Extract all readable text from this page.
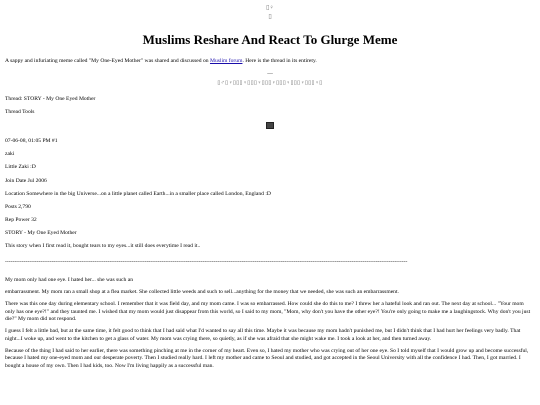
▯♀
▯
Muslims Reshare And React To Glurge Meme

A sappy and infuriating meme called "My One-Eyed Mother" was shared and discussed on Muslim forum. Here is the thread in its entirety.

—
▯♂▯♀▯▯▯♀▯▯▯♀▯▯▯♀▯▯▯♀▯▯▯♀▯▯▯♀▯

Thread: STORY - My One Eyed Mother

Thread Tools

07-06-08, 01:05 PM #1

zaki

Little Zaki :D

Join Date Jul 2006

Location Somewhere in the big Universe...on a little planet called Earth...in a smaller place called London, England :D

Posts 2,790

Rep Power 32

STORY - My One Eyed Mother

This story when I first read it, bought tears to my eyes...it still does everytime I read it..

------------------------------------------------------------------------------------------------------------------------------------------------------------------------------------------------------------------------

My mom only had one eye. I hated her... she was such an

embarrassment. My mom ran a small shop at a flea market. She collected little weeds and such to sell...anything for the money that we needed, she was such an embarrassment.

There was this one day during elementary school. I remember that it was field day, and my mom came. I was so embarrassed. How could she do this to me? I threw her a hateful look and ran out. The next day at school... "Your mom only has one eye?!" and they taunted me. I wished that my mom would just disappear from this world, so I said to my mom, "Mom, why don't you have the other eye?! You're only going to make me a laughingstock. Why don't you just die?" My mom did not respond.

I guess I felt a little bad, but at the same time, it felt good to think that I had said what I'd wanted to say all this time. Maybe it was because my mom hadn't punished me, but I didn't think that I had hurt her feelings very badly. That night...I woke up, and went to the kitchen to get a glass of water. My mom was crying there, so quietly, as if she was afraid that she might wake me. I took a look at her, and then turned away.

Because of the thing I had said to her earlier, there was something pinching at me in the corner of my heart. Even so, I hated my mother who was crying out of her one eye. So I told myself that I would grow up and become successful, because I hated my one-eyed mom and our desperate poverty. Then I studied really hard. I left my mother and came to Seoul and studied, and got accepted in the Seoul University with all the confidence I had. Then, I got married. I bought a house of my own. Then I had kids, too. Now I'm living happily as a successful man.
